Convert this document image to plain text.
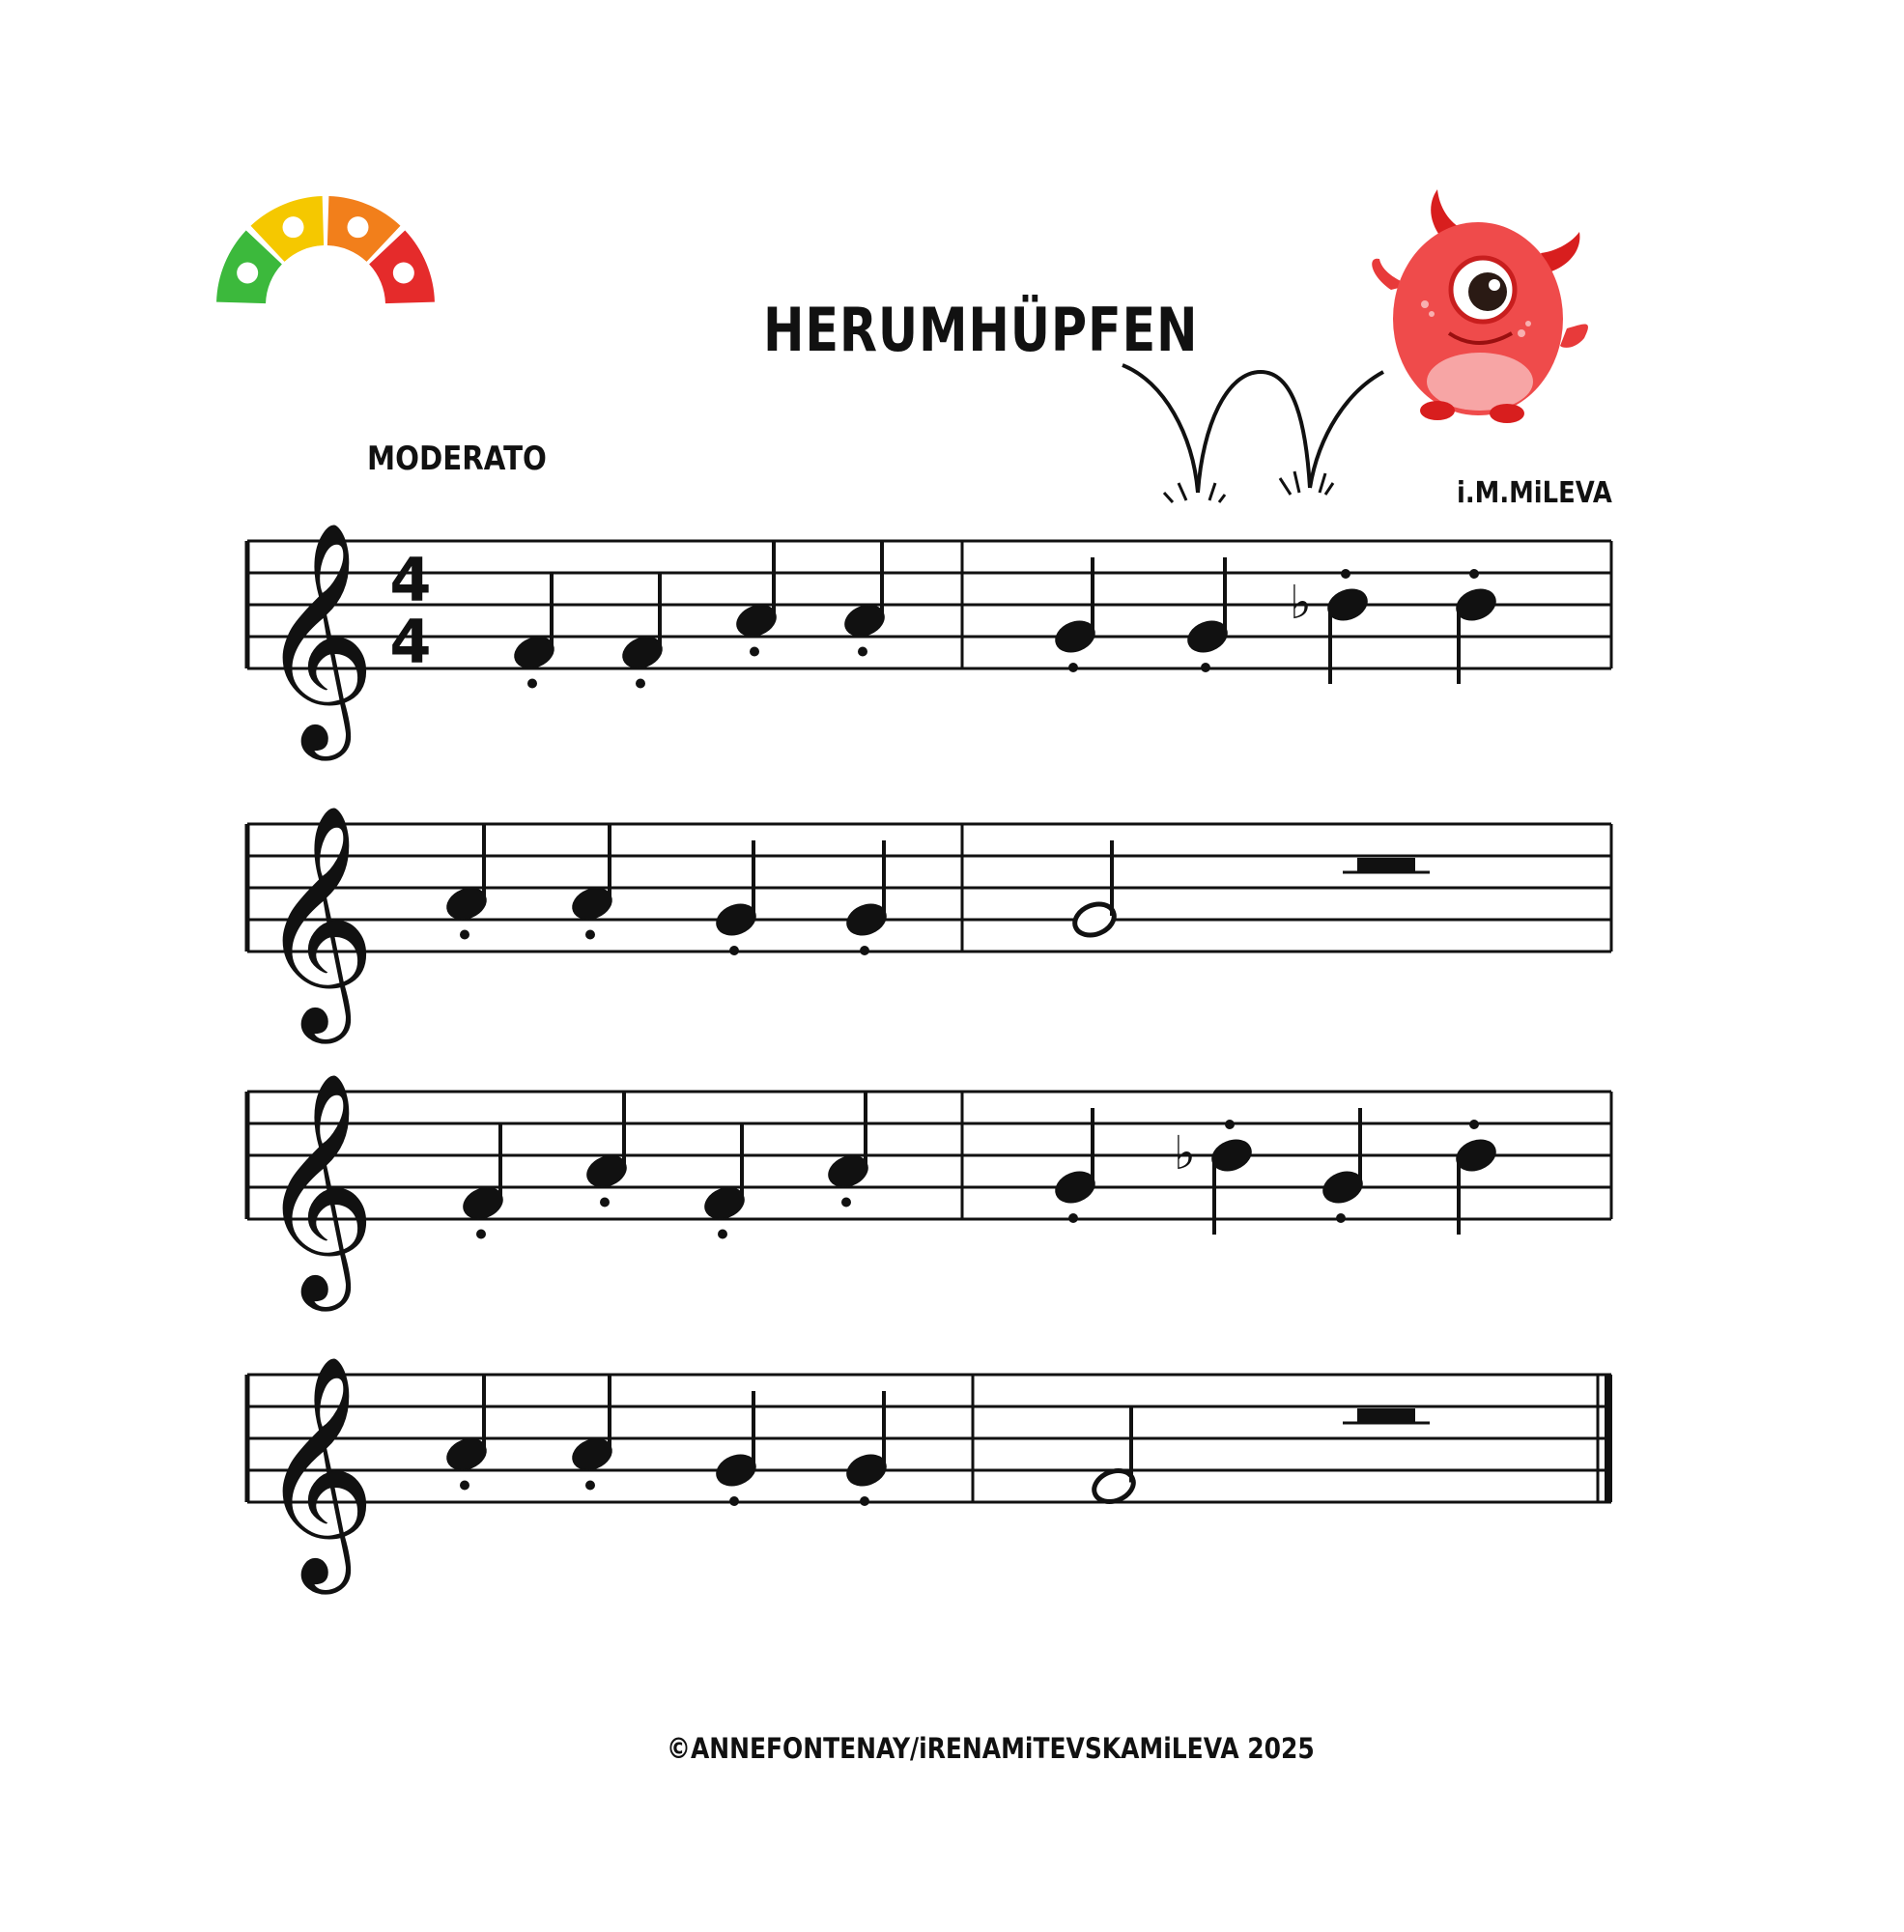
𝄞 4
4
♭
𝄞
𝄞	♭
𝄞
HERUMHÜPFEN
MODERATO
i.M.MiLEVA
©ANNEFONTENAY/iRENAMiTEVSKAMiLEVA 2025
